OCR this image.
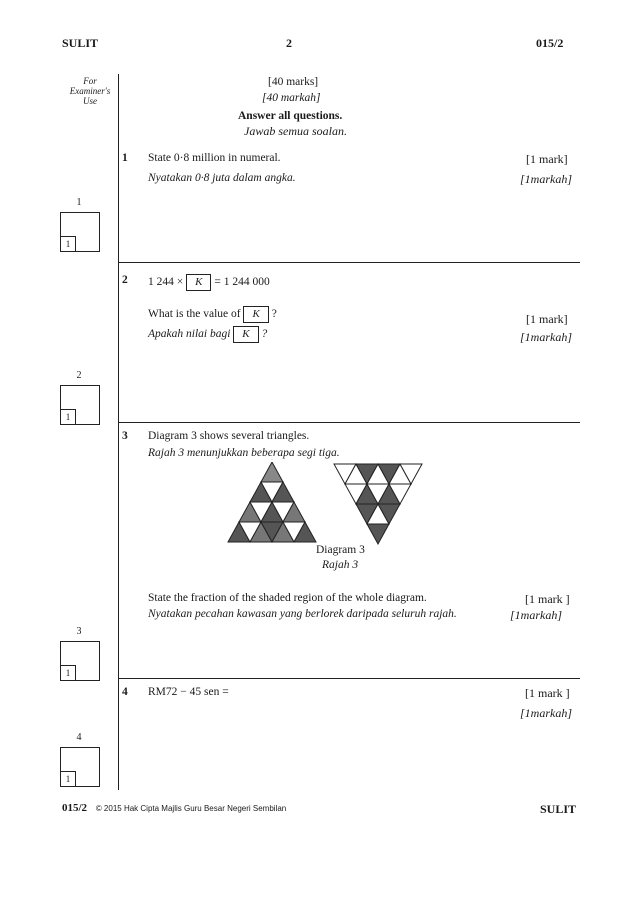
SULIT	2	015/2
For
Examiner's
Use
[40 marks]
[40 markah]
Answer all questions.
Jawab semua soalan.
1 State 0·8 million in numeral.
Nyatakan 0·8 juta dalam angka.
[1 mark]
[1markah]
2 1 244 × K = 1 244 000
What is the value of K ?
Apakah nilai bagi K ?
[1 mark]
[1markah]
3 Diagram 3 shows several triangles.
Rajah 3 menunjukkan beberapa segi tiga.
Diagram 3
Rajah 3
State the fraction of the shaded region of the whole diagram.
Nyatakan pecahan kawasan yang berlorek daripada seluruh rajah.
[1 mark ]
[1markah]
4 RM72 − 45 sen =	[1 mark ]
[1markah]
1
1
2
1
3
1
4
1
015/2 © 2015 Hak Cipta Majlis Guru Besar Negeri Sembilan	SULIT
